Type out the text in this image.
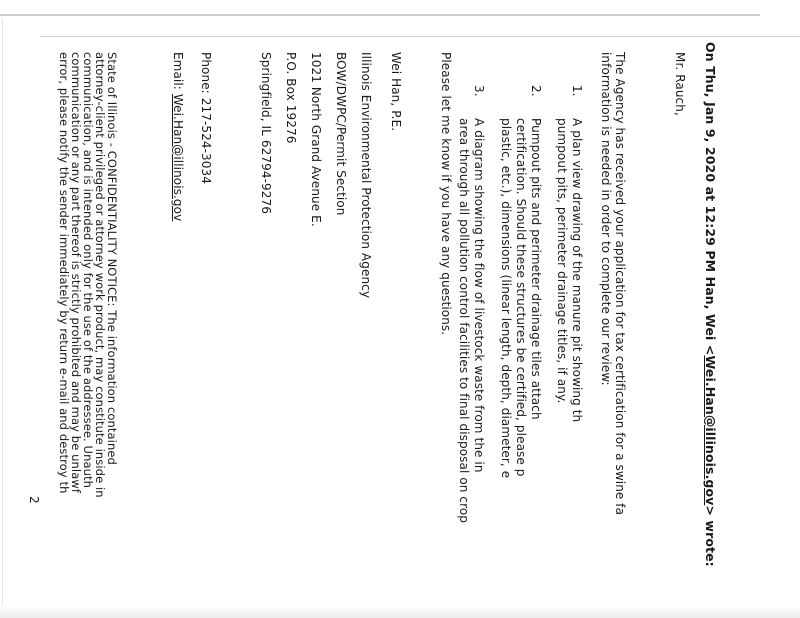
On Thu, Jan 9, 2020 at 12:29 PM Han, Wei <Wei.Han@illinois.gov> wrote:
Mr. Rauch,
The Agency has received your application for tax certification for a swine fa
information is needed in order to complete our review:
1.A plan view drawing of the manure pit showing th
pumpout pits, perimeter drainage titles, if any.
2.Pumpout pits and perimeter drainage tiles attach
certification. Should these structures be certified, please p
plastic, etc.), dimensions (linear length, depth, diameter, e
3.A diagram showing the flow of livestock waste from the in
area through all pollution control facilities to final disposal on crop
Please let me know if you have any questions.
Wei Han, P.E.
Illinois Environmental Protection Agency
BOW/DWPC/Permit Section
1021 North Grand Avenue E.
P.O. Box 19276
Springfield, IL 62794-9276
Phone: 217-524-3034
Email: Wei.Han@illinois.gov
State of Illinois - CONFIDENTIALITY NOTICE: The information contained
attorney-client privileged or attorney work product, may constitute inside in
communication, and is intended only for the use of the addressee. Unauth
communication or any part thereof is strictly prohibited and may be unlawf
error, please notify the sender immediately by return e-mail and destroy th
2
